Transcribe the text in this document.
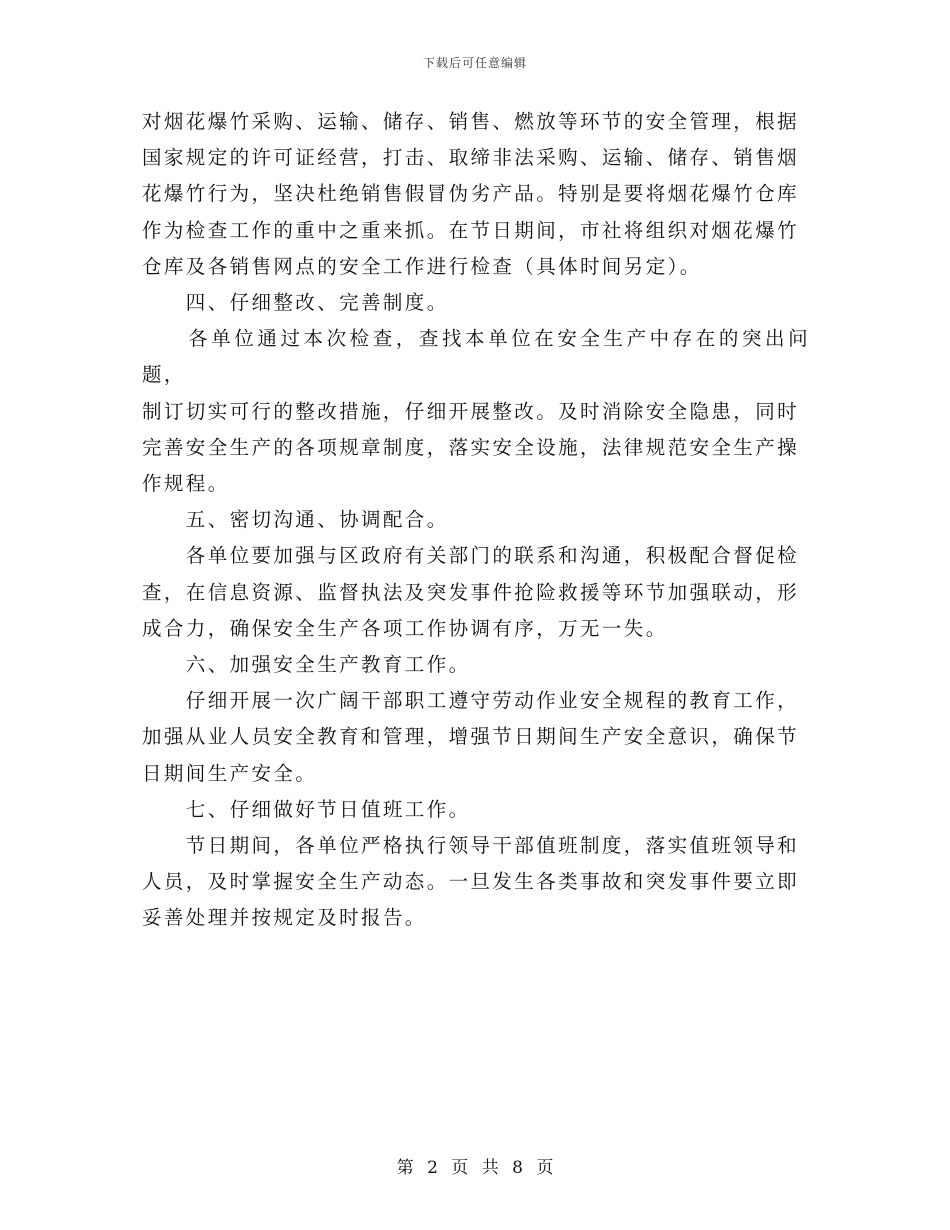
下载后可任意编辑

对烟花爆竹采购、运输、储存、销售、燃放等环节的安全管理，根据
国家规定的许可证经营，打击、取缔非法采购、运输、储存、销售烟
花爆竹行为，坚决杜绝销售假冒伪劣产品。特别是要将烟花爆竹仓库
作为检查工作的重中之重来抓。在节日期间，市社将组织对烟花爆竹
仓库及各销售网点的安全工作进行检查（具体时间另定）。

　　四、仔细整改、完善制度。

　　各单位通过本次检查，查找本单位在安全生产中存在的突出问题，
制订切实可行的整改措施，仔细开展整改。及时消除安全隐患，同时
完善安全生产的各项规章制度，落实安全设施，法律规范安全生产操
作规程。

　　五、密切沟通、协调配合。

　　各单位要加强与区政府有关部门的联系和沟通，积极配合督促检
查，在信息资源、监督执法及突发事件抢险救援等环节加强联动，形
成合力，确保安全生产各项工作协调有序，万无一失。

　　六、加强安全生产教育工作。

　　仔细开展一次广阔干部职工遵守劳动作业安全规程的教育工作，
加强从业人员安全教育和管理，增强节日期间生产安全意识，确保节
日期间生产安全。

　　七、仔细做好节日值班工作。

　　节日期间，各单位严格执行领导干部值班制度，落实值班领导和
人员，及时掌握安全生产动态。一旦发生各类事故和突发事件要立即
妥善处理并按规定及时报告。

第 2 页 共 8 页
